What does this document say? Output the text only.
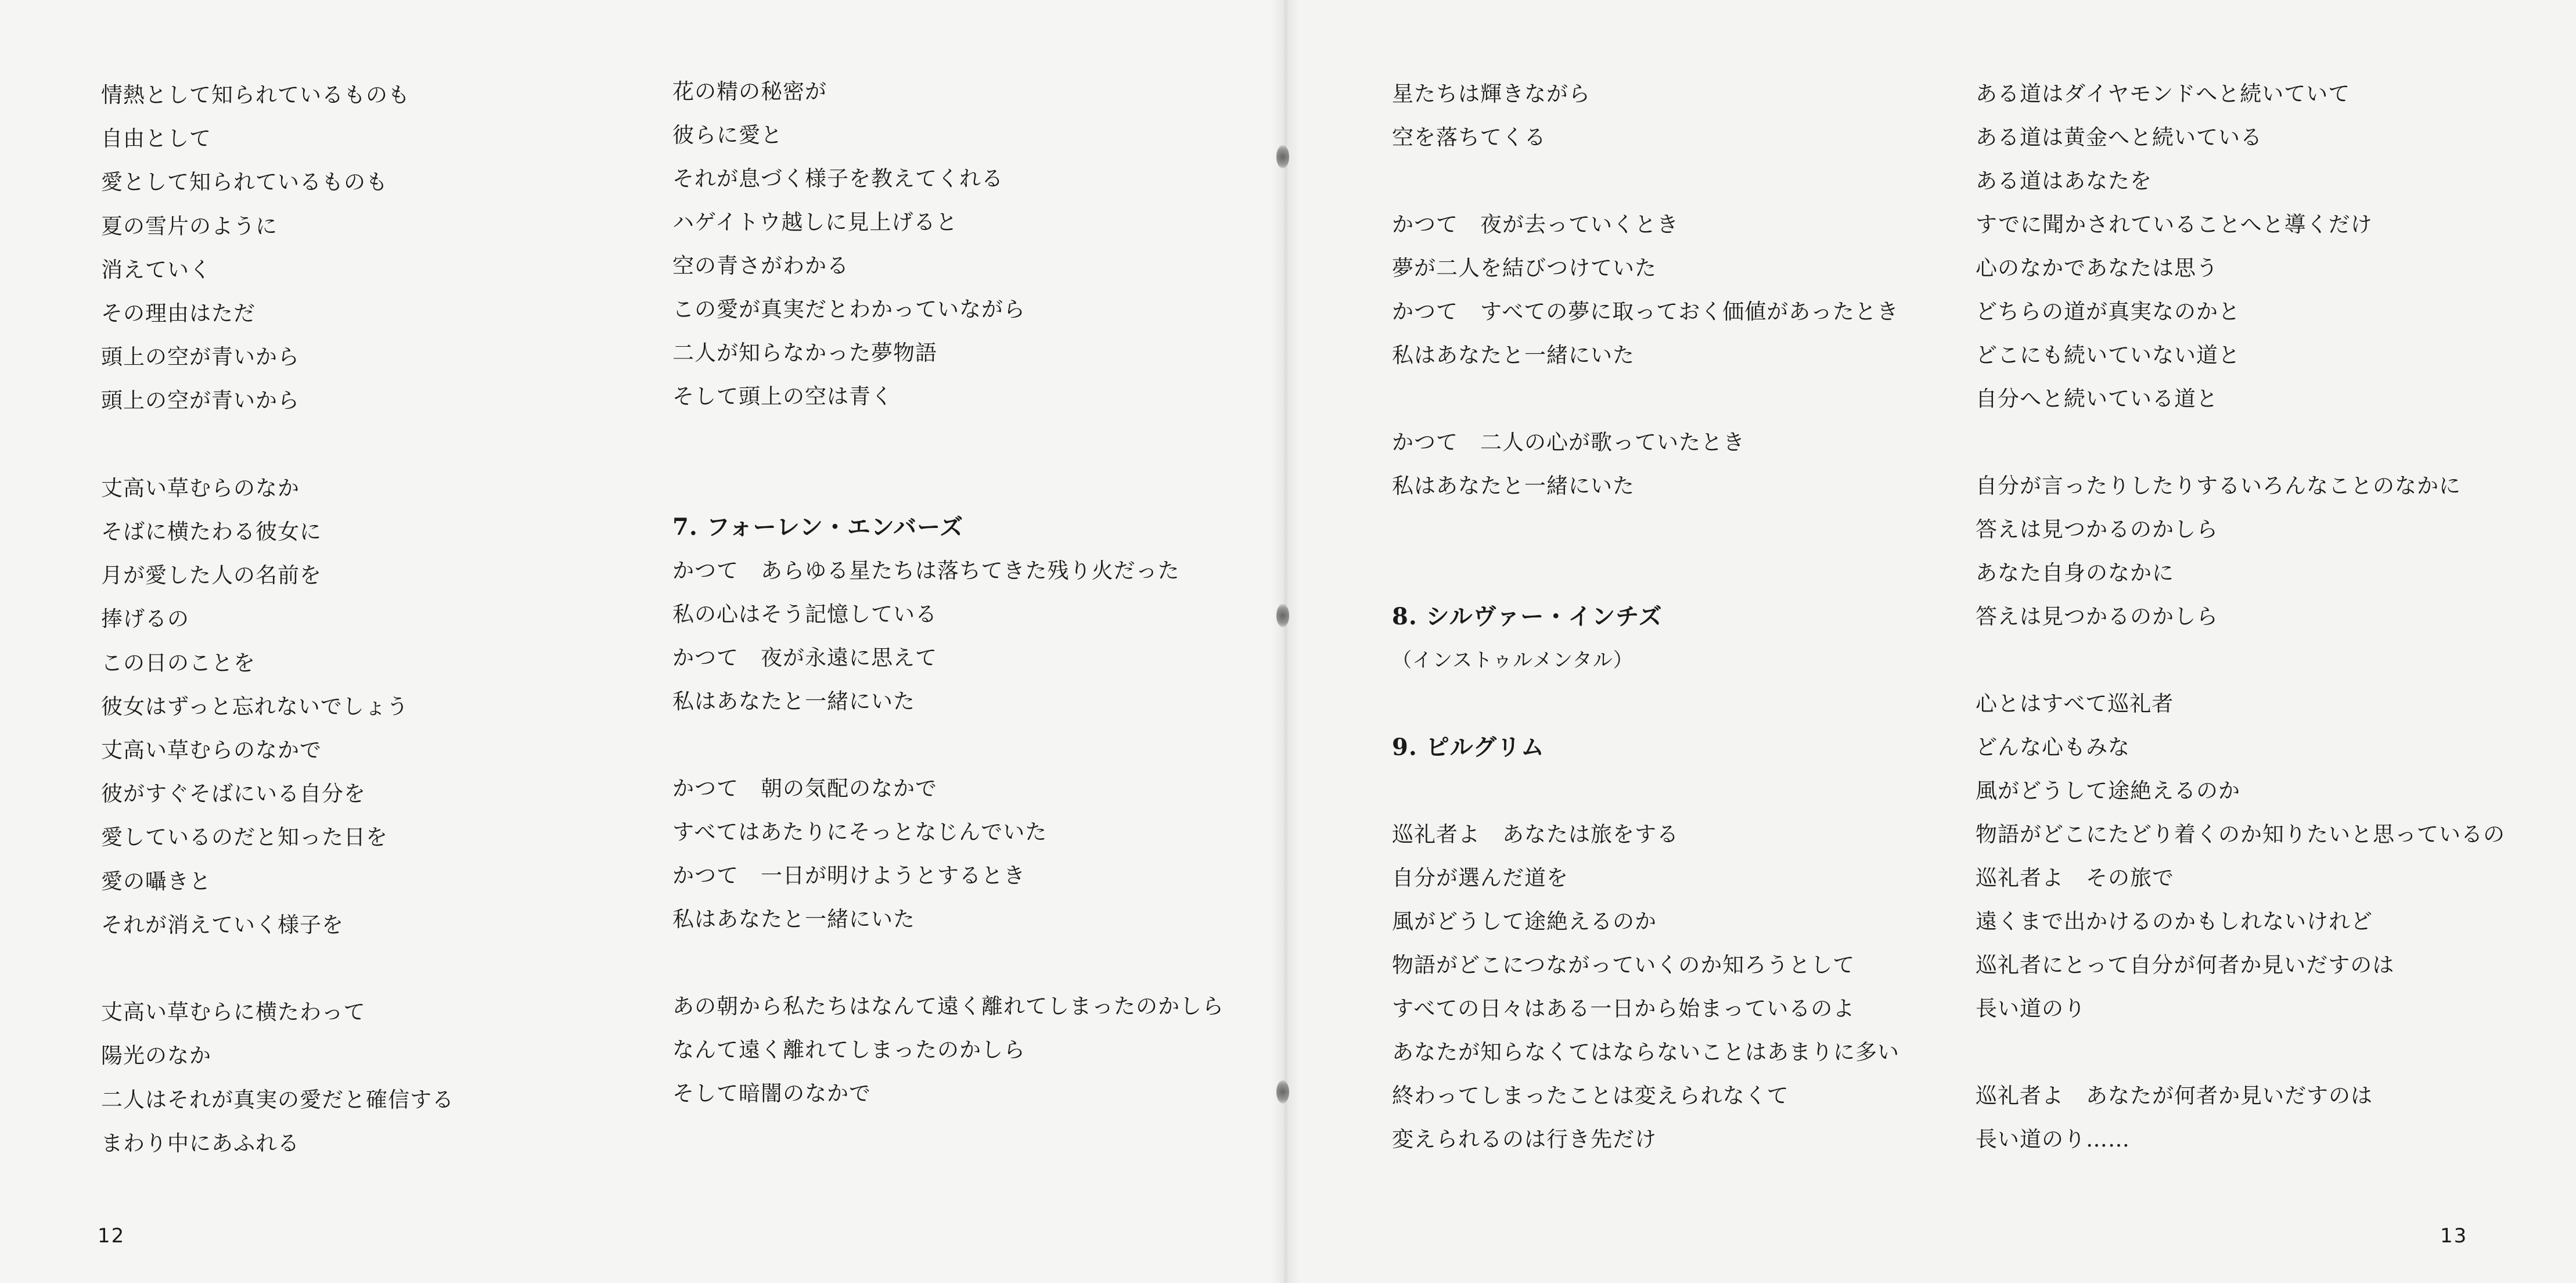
情熱として知られているものも
自由として
愛として知られているものも
夏の雪片のように
消えていく
その理由はただ
頭上の空が青いから
頭上の空が青いから
丈高い草むらのなか
そばに横たわる彼女に
月が愛した人の名前を
捧げるの
この日のことを
彼女はずっと忘れないでしょう
丈高い草むらのなかで
彼がすぐそばにいる自分を
愛しているのだと知った日を
愛の囁きと
それが消えていく様子を
丈高い草むらに横たわって
陽光のなか
二人はそれが真実の愛だと確信する
まわり中にあふれる
花の精の秘密が
彼らに愛と
それが息づく様子を教えてくれる
ハゲイトウ越しに見上げると
空の青さがわかる
この愛が真実だとわかっていながら
二人が知らなかった夢物語
そして頭上の空は青く
7. フォーレン・エンバーズ
かつて　あらゆる星たちは落ちてきた残り火だった
私の心はそう記憶している
かつて　夜が永遠に思えて
私はあなたと一緒にいた
かつて　朝の気配のなかで
すべてはあたりにそっとなじんでいた
かつて　一日が明けようとするとき
私はあなたと一緒にいた
あの朝から私たちはなんて遠く離れてしまったのかしら
なんて遠く離れてしまったのかしら
そして暗闇のなかで
12
星たちは輝きながら
空を落ちてくる
かつて　夜が去っていくとき
夢が二人を結びつけていた
かつて　すべての夢に取っておく価値があったとき
私はあなたと一緒にいた
かつて　二人の心が歌っていたとき
私はあなたと一緒にいた
8. シルヴァー・インチズ
（インストゥルメンタル）
9. ピルグリム
巡礼者よ　あなたは旅をする
自分が選んだ道を
風がどうして途絶えるのか
物語がどこにつながっていくのか知ろうとして
すべての日々はある一日から始まっているのよ
あなたが知らなくてはならないことはあまりに多い
終わってしまったことは変えられなくて
変えられるのは行き先だけ
ある道はダイヤモンドへと続いていて
ある道は黄金へと続いている
ある道はあなたを
すでに聞かされていることへと導くだけ
心のなかであなたは思う
どちらの道が真実なのかと
どこにも続いていない道と
自分へと続いている道と
自分が言ったりしたりするいろんなことのなかに
答えは見つかるのかしら
あなた自身のなかに
答えは見つかるのかしら
心とはすべて巡礼者
どんな心もみな
風がどうして途絶えるのか
物語がどこにたどり着くのか知りたいと思っているの
巡礼者よ　その旅で
遠くまで出かけるのかもしれないけれど
巡礼者にとって自分が何者か見いだすのは
長い道のり
巡礼者よ　あなたが何者か見いだすのは
長い道のり……
13
